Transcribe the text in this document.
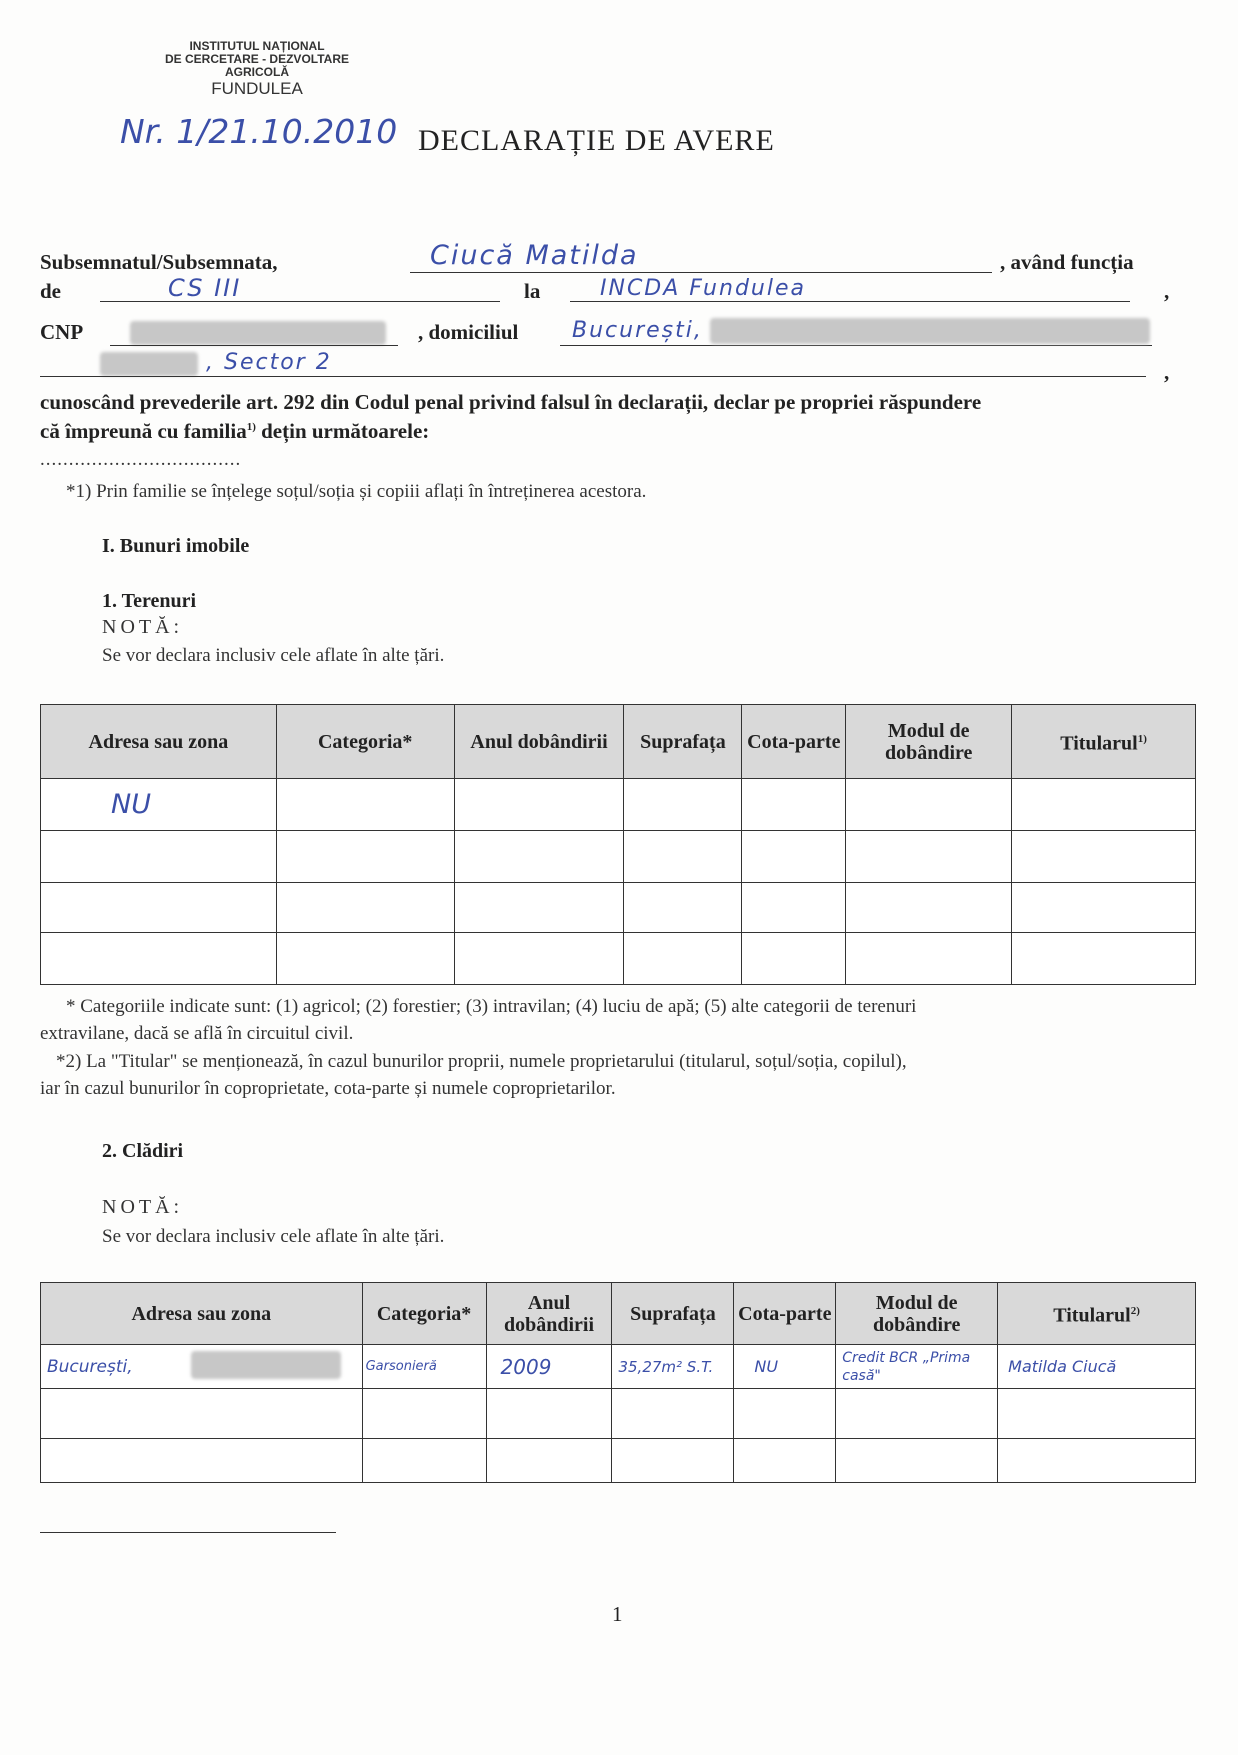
INSTITUTUL NAȚIONAL
DE CERCETARE - DEZVOLTARE
AGRICOLĂ
FUNDULEA
Nr. 1/21.10.2010 DECLARAȚIE DE AVERE
Subsemnatul/Subsemnata,	Ciucă Matilda	, având funcția
de	CS III	la	INCDA Fundulea	,
CNP	, domiciliul București,
, Sector 2	,
cunoscând prevederile art. 292 din Codul penal privind falsul în declarații, declar pe propriei răspundere
că împreună cu familia$^{1)}$ dețin următoarele:
...................................
*1) Prin familie se înțelege soțul/soția și copiii aflați în întreținerea acestora.
I. Bunuri imobile
1. Terenuri
NOTĂ:
Se vor declara inclusiv cele aflate în alte țări.
Adresa sau zona	Categoria*	Anul dobândirii	Suprafața	Cota-parte	Modul de dobândire	Titularul$^{1)}$
NU						

* Categoriile indicate sunt: (1) agricol; (2) forestier; (3) intravilan; (4) luciu de apă; (5) alte categorii de terenuri
extravilane, dacă se află în circuitul civil.
*2) La "Titular" se menționează, în cazul bunurilor proprii, numele proprietarului (titularul, soțul/soția, copilul),
iar în cazul bunurilor în coproprietate, cota-parte și numele coproprietarilor.
2. Clădiri
NOTĂ:
Se vor declara inclusiv cele aflate în alte țări.
Adresa sau zona	Categoria*	Anul dobândirii	Suprafața	Cota-parte	Modul de dobândire	Titularul$^{2)}$
București,	Garsonieră	2009	35,27m² S.T.	NU	Credit BCR „Prima casă"	Matilda Ciucă

1
